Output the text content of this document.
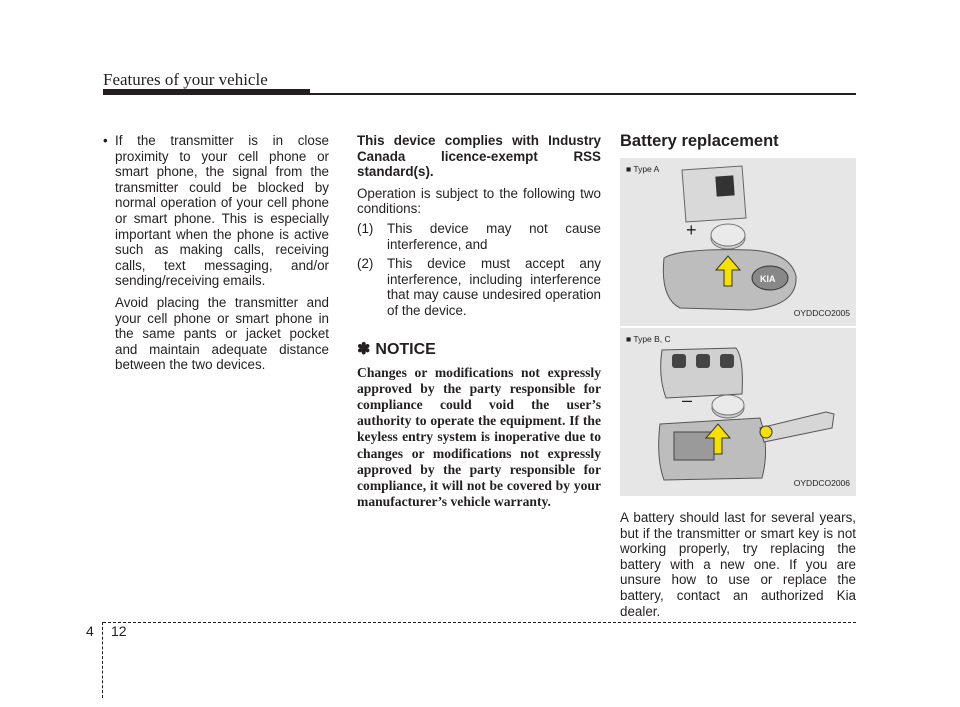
Features of your vehicle

• If the transmitter is in close proximity to your cell phone or smart phone, the signal from the transmitter could be blocked by normal operation of your cell phone or smart phone. This is especially important when the phone is active such as making calls, receiving calls, text messaging, and/or sending/receiving emails.

Avoid placing the transmitter and your cell phone or smart phone in the same pants or jacket pocket and maintain adequate distance between the two devices.

This device complies with Industry Canada licence-exempt RSS standard(s).

Operation is subject to the following two conditions:

(1)	This device may not cause interference, and
(2)	This device must accept any interference, including interference that may cause undesired operation of the device.
✽ NOTICE

Changes or modifications not expressly approved by the party responsible for compliance could void the user’s authority to operate the equipment. If the keyless entry system is inoperative due to changes or modifications not expressly approved by the party responsible for compliance, it will not be covered by your manufacturer’s vehicle warranty.

Battery replacement
+
KIA
■ Type A
OYDDCO2005
–
■ Type B, C
OYDDCO2006

A battery should last for several years, but if the transmitter or smart key is not working properly, try replacing the battery with a new one. If you are unsure how to use or replace the battery, contact an authorized Kia dealer.

4 12
